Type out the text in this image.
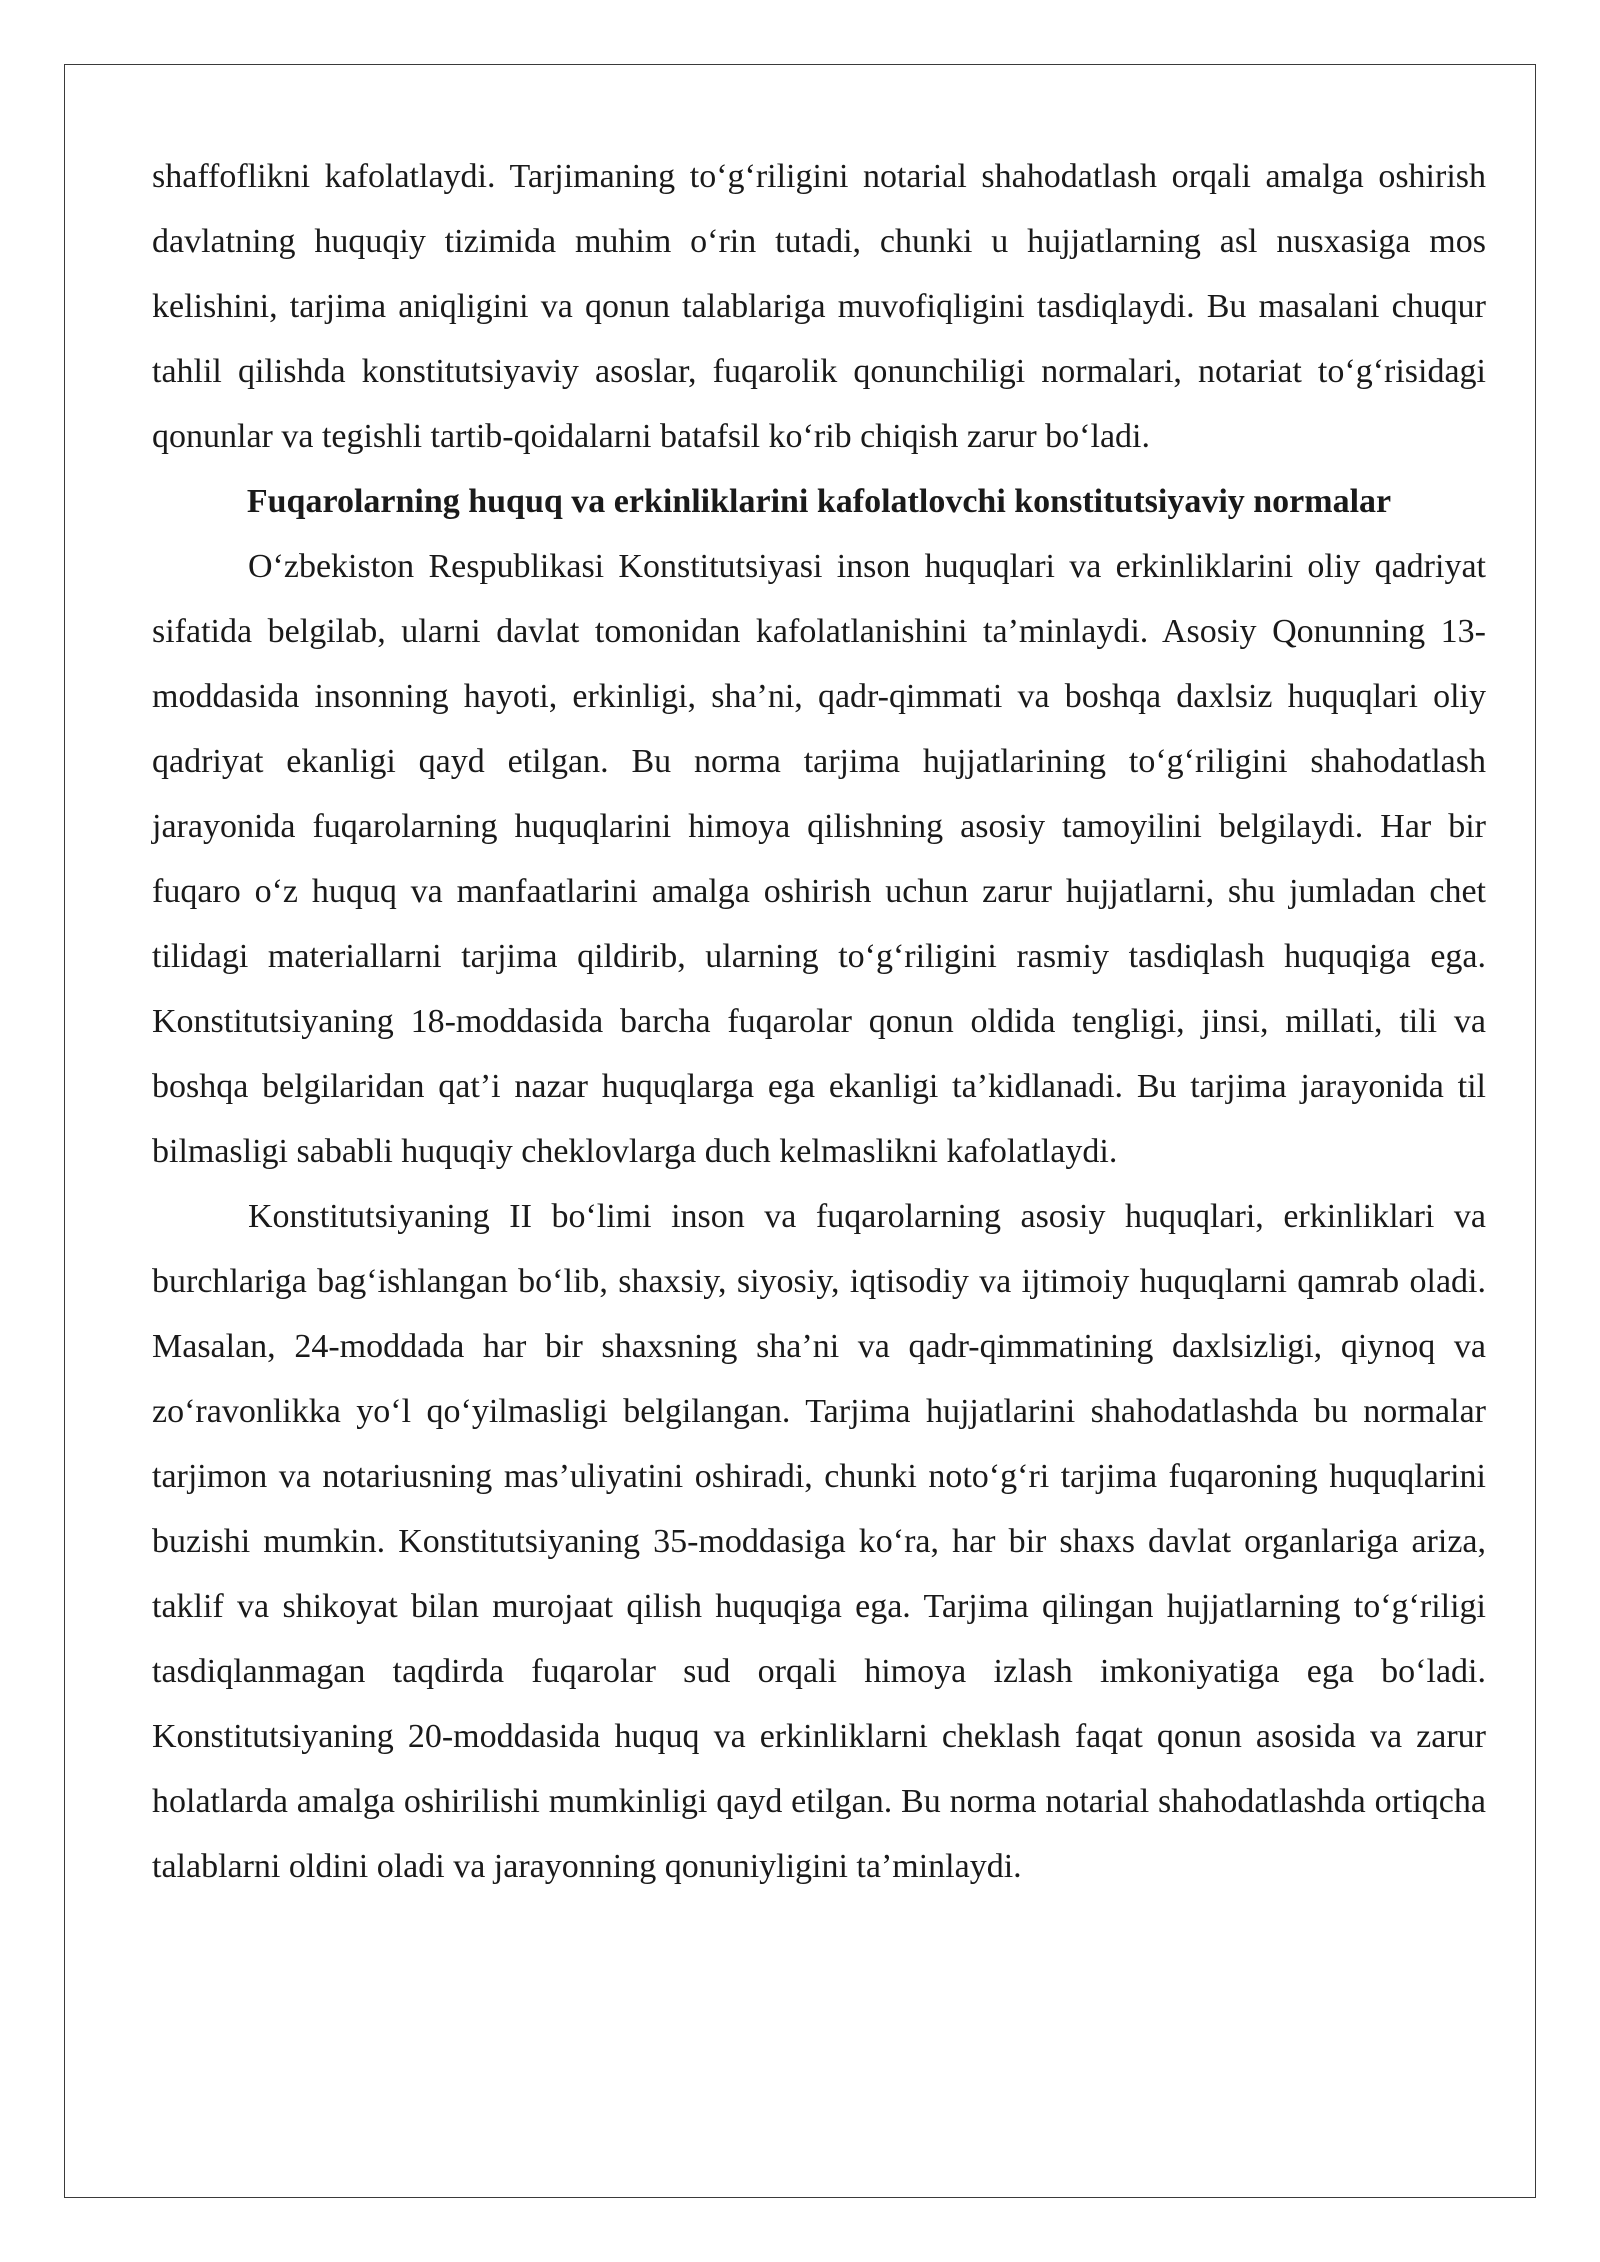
shaffoflikni kafolatlaydi. Tarjimaning to‘g‘riligini notarial shahodatlash orqali amalga oshirish davlatning huquqiy tizimida muhim o‘rin tutadi, chunki u hujjatlarning asl nusxasiga mos kelishini, tarjima aniqligini va qonun talablariga muvofiqligini tasdiqlaydi. Bu masalani chuqur tahlil qilishda konstitutsiyaviy asoslar, fuqarolik qonunchiligi normalari, notariat to‘g‘risidagi qonunlar va tegishli tartib-qoidalarni batafsil ko‘rib chiqish zarur bo‘ladi.

Fuqarolarning huquq va erkinliklarini kafolatlovchi konstitutsiyaviy normalar

O‘zbekiston Respublikasi Konstitutsiyasi inson huquqlari va erkinliklarini oliy qadriyat sifatida belgilab, ularni davlat tomonidan kafolatlanishini ta’minlaydi. Asosiy Qonunning 13-moddasida insonning hayoti, erkinligi, sha’ni, qadr-qimmati va boshqa daxlsiz huquqlari oliy qadriyat ekanligi qayd etilgan. Bu norma tarjima hujjatlarining to‘g‘riligini shahodatlash jarayonida fuqarolarning huquqlarini himoya qilishning asosiy tamoyilini belgilaydi. Har bir fuqaro o‘z huquq va manfaatlarini amalga oshirish uchun zarur hujjatlarni, shu jumladan chet tilidagi materiallarni tarjima qildirib, ularning to‘g‘riligini rasmiy tasdiqlash huquqiga ega. Konstitutsiyaning 18-moddasida barcha fuqarolar qonun oldida tengligi, jinsi, millati, tili va boshqa belgilaridan qat’i nazar huquqlarga ega ekanligi ta’kidlanadi. Bu tarjima jarayonida til bilmasligi sababli huquqiy cheklovlarga duch kelmaslikni kafolatlaydi.

Konstitutsiyaning II bo‘limi inson va fuqarolarning asosiy huquqlari, erkinliklari va burchlariga bag‘ishlangan bo‘lib, shaxsiy, siyosiy, iqtisodiy va ijtimoiy huquqlarni qamrab oladi. Masalan, 24-moddada har bir shaxsning sha’ni va qadr-qimmatining daxlsizligi, qiynoq va zo‘ravonlikka yo‘l qo‘yilmasligi belgilangan. Tarjima hujjatlarini shahodatlashda bu normalar tarjimon va notariusning mas’uliyatini oshiradi, chunki noto‘g‘ri tarjima fuqaroning huquqlarini buzishi mumkin. Konstitutsiyaning 35-moddasiga ko‘ra, har bir shaxs davlat organlariga ariza, taklif va shikoyat bilan murojaat qilish huquqiga ega. Tarjima qilingan hujjatlarning to‘g‘riligi tasdiqlanmagan taqdirda fuqarolar sud orqali himoya izlash imkoniyatiga ega bo‘ladi. Konstitutsiyaning 20-moddasida huquq va erkinliklarni cheklash faqat qonun asosida va zarur holatlarda amalga oshirilishi mumkinligi qayd etilgan. Bu norma notarial shahodatlashda ortiqcha talablarni oldini oladi va jarayonning qonuniyligini ta’minlaydi.
